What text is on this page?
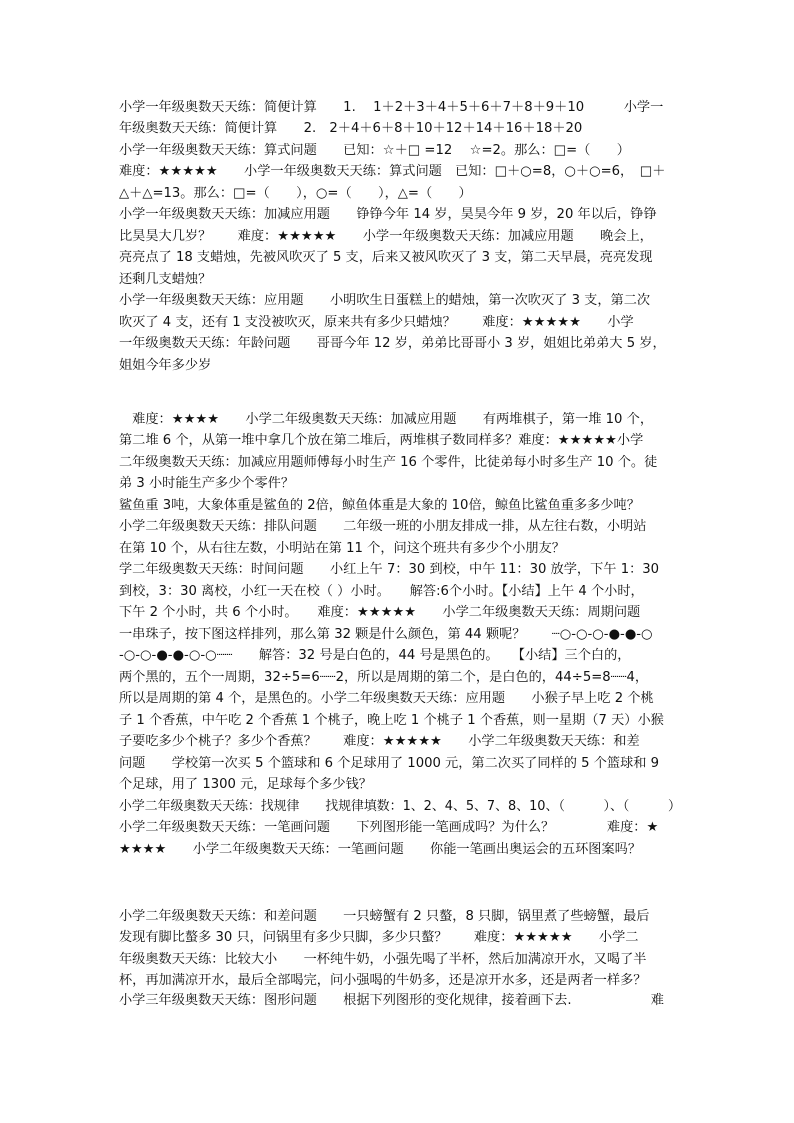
小学一年级奥数天天练：简便计算　　1.　 1＋2＋3＋4＋5＋6＋7＋8＋9＋10　　　小学一
年级奥数天天练：简便计算　　2.　2＋4＋6＋8＋10＋12＋14＋16＋18＋20
小学一年级奥数天天练：算式问题　　已知：☆＋□ =12　 ☆=2。那么：□=（　　）
难度：★★★★★　　小学一年级奥数天天练：算式问题　已知：□＋○=8，○＋○=6，　□＋
△＋△=13。那么：□=（　　），○=（　　），△=（　　）
小学一年级奥数天天练：加减应用题　　铮铮今年 14 岁，昊昊今年 9 岁，20 年以后，铮铮
比昊昊大几岁？　　难度：★★★★★　　小学一年级奥数天天练：加减应用题　　晚会上，
亮亮点了 18 支蜡烛，先被风吹灭了 5 支，后来又被风吹灭了 3 支，第二天早晨，亮亮发现
还剩几支蜡烛？
小学一年级奥数天天练：应用题　　小明吹生日蛋糕上的蜡烛，第一次吹灭了 3 支，第二次
吹灭了 4 支，还有 1 支没被吹灭，原来共有多少只蜡烛？　　难度：★★★★★　　小学
一年级奥数天天练：年龄问题　　哥哥今年 12 岁，弟弟比哥哥小 3 岁，姐姐比弟弟大 5 岁，
姐姐今年多少岁
　难度：★★★★　　小学二年级奥数天天练：加减应用题　　有两堆棋子，第一堆 10 个，
第二堆 6 个，从第一堆中拿几个放在第二堆后，两堆棋子数同样多？难度：★★★★★小学
二年级奥数天天练：加减应用题师傅每小时生产 16 个零件，比徒弟每小时多生产 10 个。徒
弟 3 小时能生产多少个零件？
鲨鱼重 3吨，大象体重是鲨鱼的 2倍，鲸鱼体重是大象的 10倍，鲸鱼比鲨鱼重多多少吨？
小学二年级奥数天天练：排队问题　　二年级一班的小朋友排成一排，从左往右数，小明站
在第 10 个，从右往左数，小明站在第 11 个，问这个班共有多少个小朋友？
学二年级奥数天天练：时间问题　　小红上午 7：30 到校，中午 11：30 放学，下午 1：30
到校，3：30 离校，小红一天在校（ ）小时。　　解答:6个小时。【小结】上午 4 个小时，
下午 2 个小时，共 6 个小时。　　难度：★★★★★　　小学二年级奥数天天练：周期问题
一串珠子，按下图这样排列，那么第 32 颗是什么颜色，第 44 颗呢？　　┈○-○-○-●-●-○
-○-○-●-●-○-○┈┈　　解答：32 号是白色的，44 号是黑色的。　　【小结】三个白的，
两个黑的，五个一周期，32÷5=6┈┈2，所以是周期的第二个，是白色的，44÷5=8┈┈4，
所以是周期的第 4 个，是黑色的。小学二年级奥数天天练：应用题　　小猴子早上吃 2 个桃
子 1 个香蕉，中午吃 2 个香蕉 1 个桃子，晚上吃 1 个桃子 1 个香蕉，则一星期（7 天）小猴
子要吃多少个桃子？多少个香蕉？　　难度：★★★★★　　小学二年级奥数天天练：和差
问题　　学校第一次买 5 个篮球和 6 个足球用了 1000 元，第二次买了同样的 5 个篮球和 9
个足球，用了 1300 元，足球每个多少钱？
小学二年级奥数天天练：找规律　　找规律填数：1、2、4、5、7、8、10、（　　　）、（　　　）
小学二年级奥数天天练：一笔画问题　　下列图形能一笔画成吗？为什么？　　　　难度：★
★★★★　　小学二年级奥数天天练：一笔画问题　　你能一笔画出奥运会的五环图案吗？
小学二年级奥数天天练：和差问题　　一只螃蟹有 2 只螯，8 只脚，锅里煮了些螃蟹，最后
发现有脚比螯多 30 只，问锅里有多少只脚，多少只螯？　　难度：★★★★★　　小学二
年级奥数天天练：比较大小　　一杯纯牛奶，小强先喝了半杯，然后加满凉开水，又喝了半
杯，再加满凉开水，最后全部喝完，问小强喝的牛奶多，还是凉开水多，还是两者一样多？
小学三年级奥数天天练：图形问题　　根据下列图形的变化规律，接着画下去.　　　　　　难
